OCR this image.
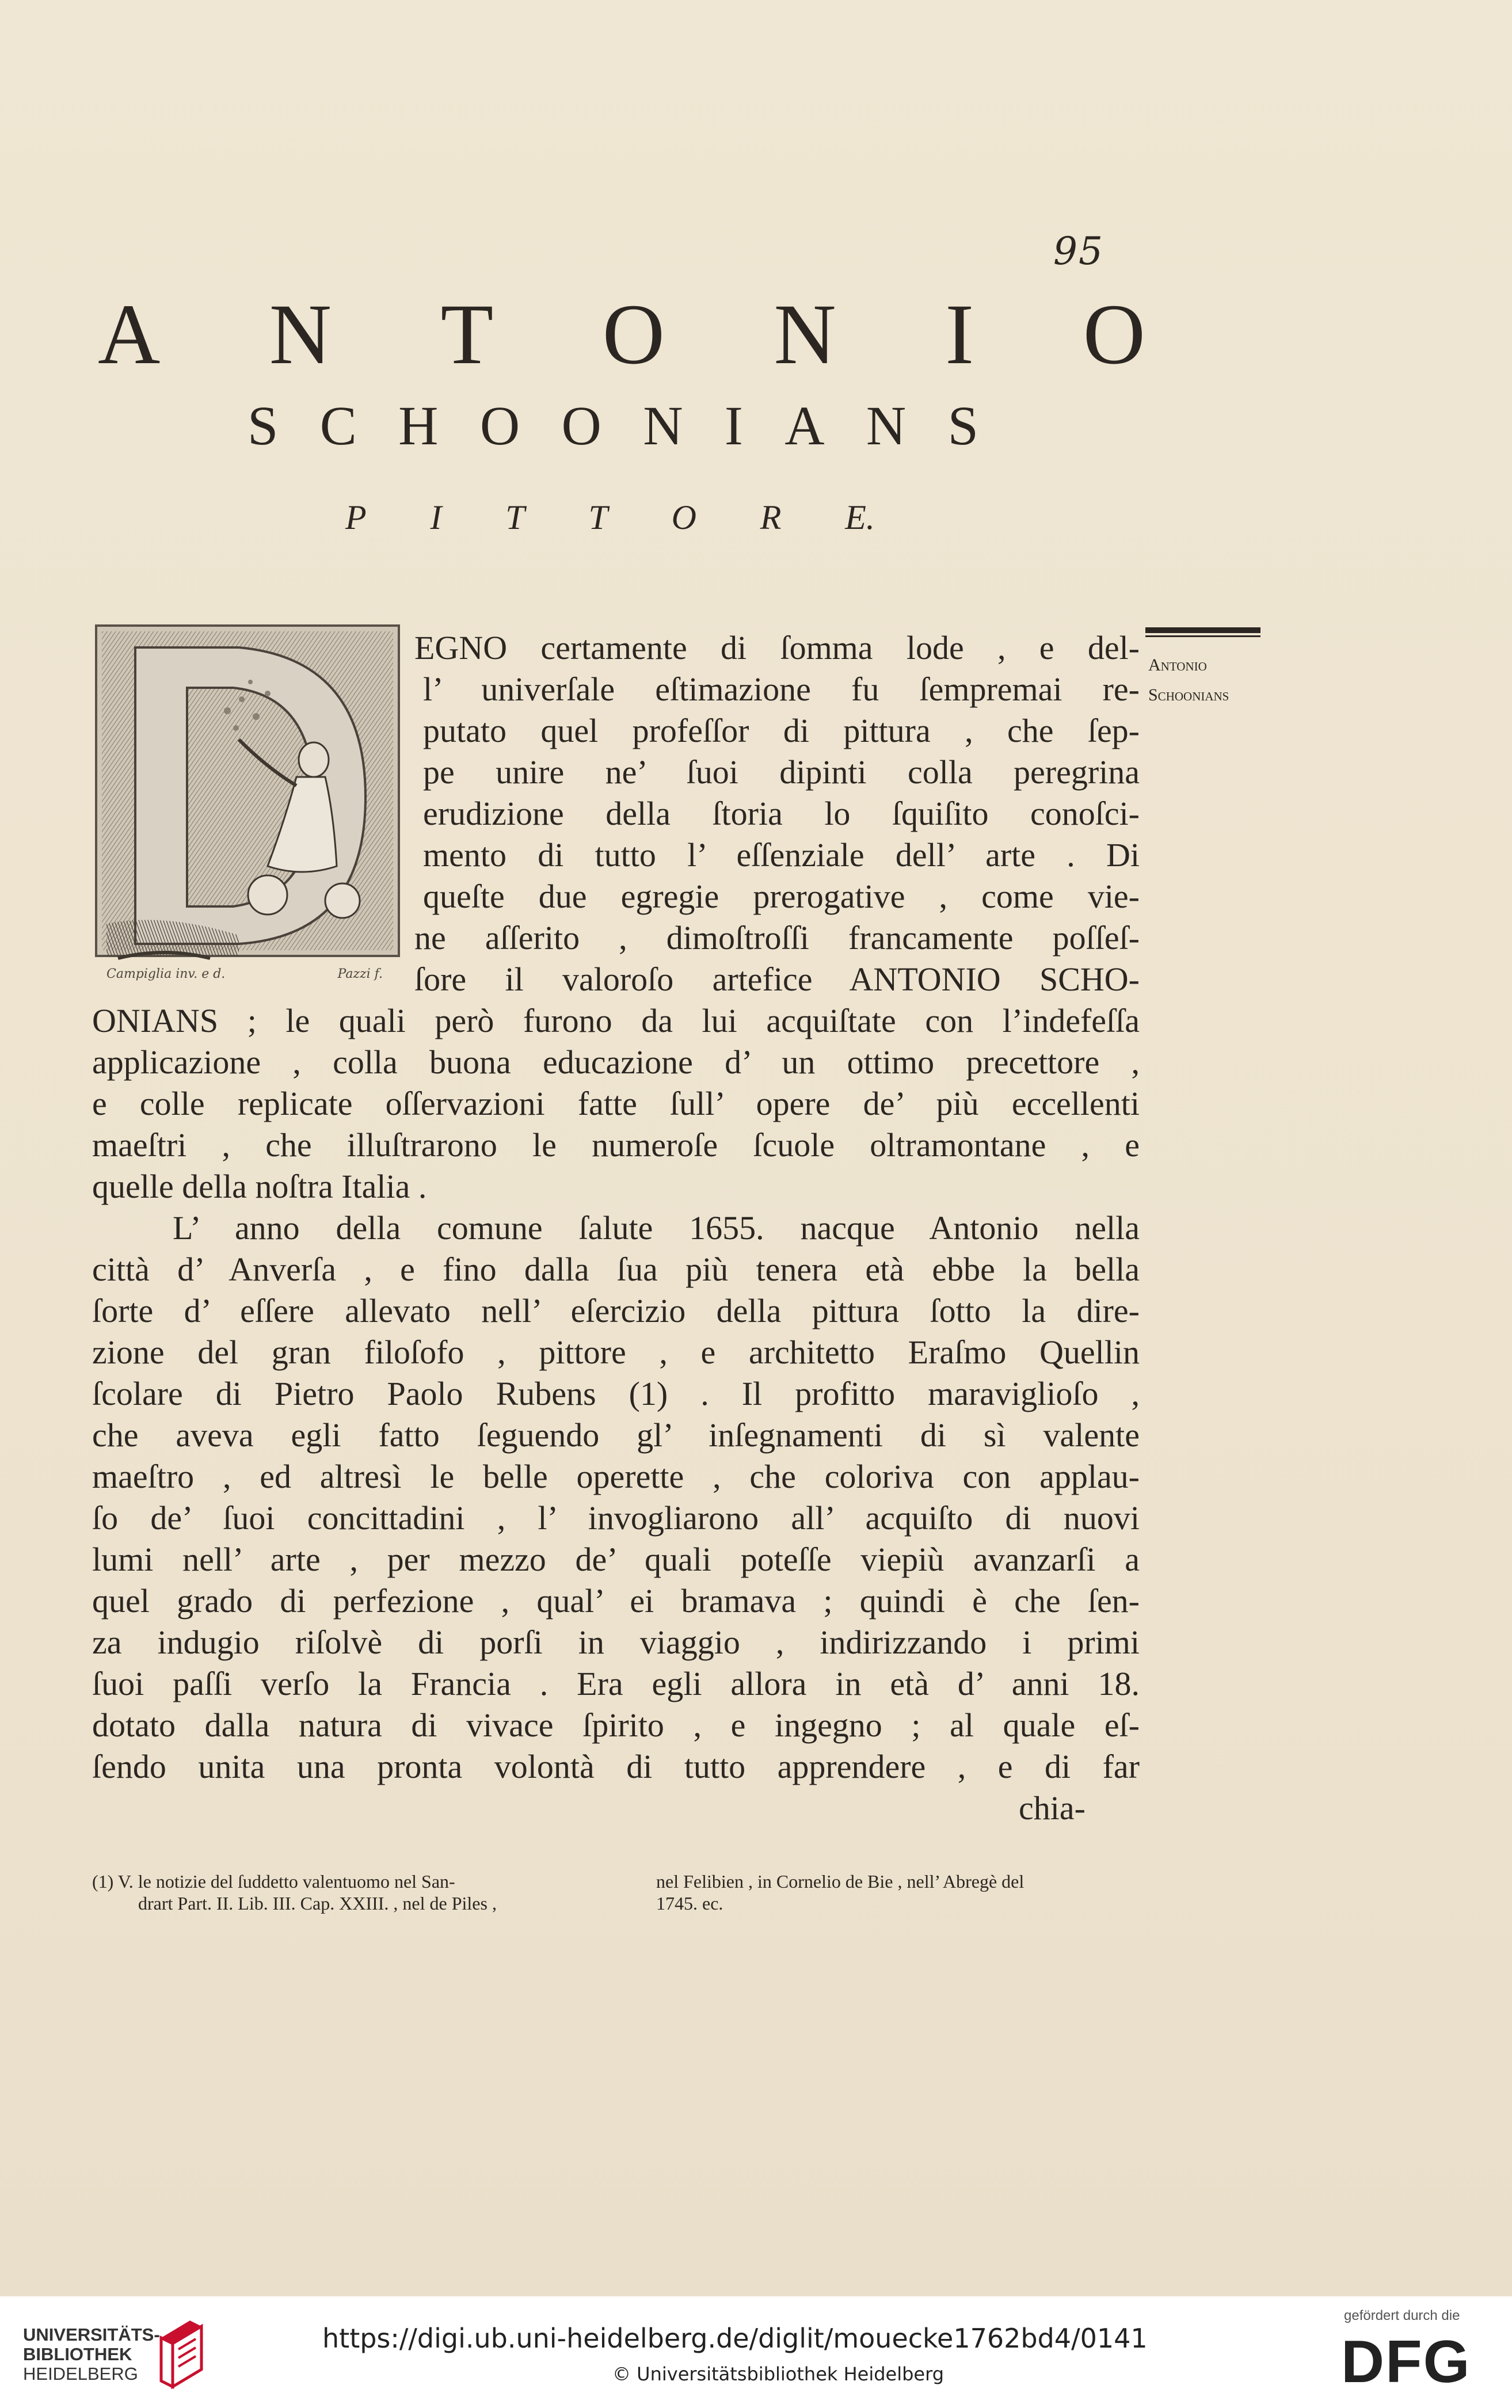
95
A N T O N I O
S C H O O N I A N S
P I T T O R E.
Campiglia inv. e d.	Pazzi f.
Antonio
Schoonians
EGNO certamente di ſomma lode , e del-
l’ univerſale eſtimazione fu ſempremai re-
putato quel profeſſor di pittura , che ſep-
pe unire ne’ ſuoi dipinti colla peregrina
erudizione della ſtoria lo ſquiſito conoſci-
mento di tutto l’ eſſenziale dell’ arte . Di
queſte due egregie prerogative , come vie-
ne aſſerito , dimoſtroſſi francamente poſſeſ-
ſore il valoroſo artefice ANTONIO SCHO-
ONIANS ; le quali però furono da lui acquiſtate con l’indefeſſa
applicazione , colla buona educazione d’ un ottimo precettore ,
e colle replicate oſſervazioni fatte ſull’ opere de’ più eccellenti
maeſtri , che illuſtrarono le numeroſe ſcuole oltramontane , e
quelle della noſtra Italia .
L’ anno della comune ſalute 1655. nacque Antonio nella
città d’ Anverſa , e fino dalla ſua più tenera età ebbe la bella
ſorte d’ eſſere allevato nell’ eſercizio della pittura ſotto la dire-
zione del gran filoſofo , pittore , e architetto Eraſmo Quellin
ſcolare di Pietro Paolo Rubens (1) . Il profitto maraviglioſo ,
che aveva egli fatto ſeguendo gl’ inſegnamenti di sì valente
maeſtro , ed altresì le belle operette , che coloriva con applau-
ſo de’ ſuoi concittadini , l’ invogliarono all’ acquiſto di nuovi
lumi nell’ arte , per mezzo de’ quali poteſſe viepiù avanzarſi a
quel grado di perfezione , qual’ ei bramava ; quindi è che ſen-
za indugio riſolvè di porſi in viaggio , indirizzando i primi
ſuoi paſſi verſo la Francia . Era egli allora in età d’ anni 18.
dotato dalla natura di vivace ſpirito , e ingegno ; al quale eſ-
ſendo unita una pronta volontà di tutto apprendere , e di far
chia-
(1) V. le notizie del ſuddetto valentuomo nel San-
drart Part. II. Lib. III. Cap. XXIII. , nel de Piles ,
nel Felibien , in Cornelio de Bie , nell’ Abregè del
1745. ec.
UNIVERSITÄTS-
BIBLIOTHEK
HEIDELBERG
https://digi.ub.uni-heidelberg.de/diglit/mouecke1762bd4/0141
© Universitätsbibliothek Heidelberg
gefördert durch die
DFG
